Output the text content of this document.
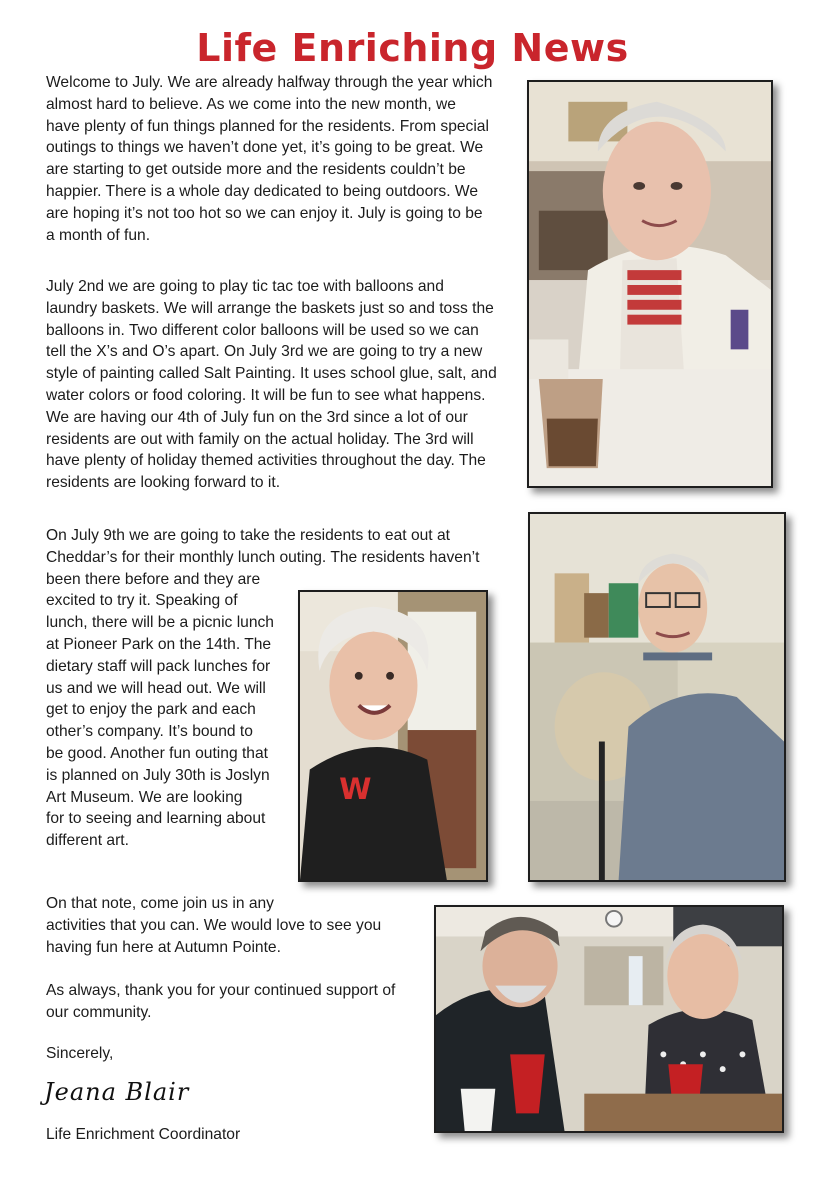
Life Enriching News
Welcome to July. We are already halfway through the year which
almost hard to believe. As we come into the new month, we
have plenty of fun things planned for the residents. From special
outings to things we haven’t done yet, it’s going to be great. We
are starting to get outside more and the residents couldn’t be
happier. There is a whole day dedicated to being outdoors. We
are hoping it’s not too hot so we can enjoy it. July is going to be
a month of fun.
July 2nd we are going to play tic tac toe with balloons and
laundry baskets. We will arrange the baskets just so and toss the
balloons in. Two different color balloons will be used so we can
tell the X’s and O’s apart. On July 3rd we are going to try a new
style of painting called Salt Painting. It uses school glue, salt, and
water colors or food coloring. It will be fun to see what happens.
We are having our 4th of July fun on the 3rd since a lot of our
residents are out with family on the actual holiday. The 3rd will
have plenty of holiday themed activities throughout the day. The
residents are looking forward to it.
On July 9th we are going to take the residents to eat out at
Cheddar’s for their monthly lunch outing. The residents haven’t
been there before and they are
excited to try it. Speaking of
lunch, there will be a picnic lunch
at Pioneer Park on the 14th. The
dietary staff will pack lunches for
us and we will head out. We will
get to enjoy the park and each
other’s company. It’s bound to
be good. Another fun outing that
is planned on July 30th is Joslyn
Art Museum. We are looking
for to seeing and learning about
different art.
On that note, come join us in any
activities that you can. We would love to see you
having fun here at Autumn Pointe.
As always, thank you for your continued support of
our community.
Sincerely,
Jeana Blair
Life Enrichment Coordinator
W
